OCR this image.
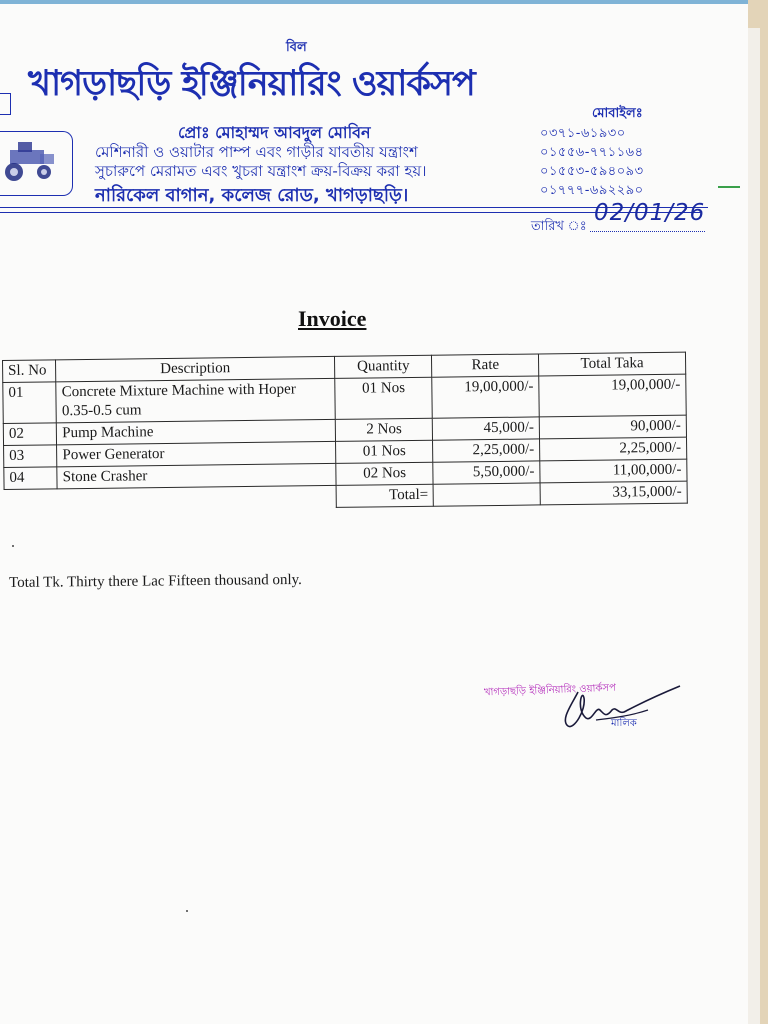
বিল
খাগড়াছড়ি ইঞ্জিনিয়ারিং ওয়ার্কসপ
প্রোঃ মোহাম্মদ আবদুল মোবিন
মেশিনারী ও ওয়াটার পাম্প এবং গাড়ীর যাবতীয় যন্ত্রাংশ
সুচারুপে মেরামত এবং খুচরা যন্ত্রাংশ ক্রয়-বিক্রয় করা হয়।
নারিকেল বাগান, কলেজ রোড, খাগড়াছড়ি।
মোবাইলঃ
০৩৭১-৬১৯৩০
০১৫৫৬-৭৭১১৬৪
০১৫৫৩-৫৯৪০৯৩
০১৭৭৭-৬৯২২৯০
তারিখ ঃ
02/01/26
Invoice
Sl. No	Description	Quantity	Rate	Total Taka
01	Concrete Mixture Machine with Hoper 0.35-0.5 cum	01 Nos	19,00,000/-	19,00,000/-
02	Pump Machine	2 Nos	45,000/-	90,000/-
03	Power Generator	01 Nos	2,25,000/-	2,25,000/-
04	Stone Crasher	02 Nos	5,50,000/-	11,00,000/-
		Total=		33,15,000/-
Total Tk. Thirty there Lac Fifteen thousand only.
খাগড়াছড়ি ইঞ্জিনিয়ারিং ওয়ার্কসপ
মালিক
